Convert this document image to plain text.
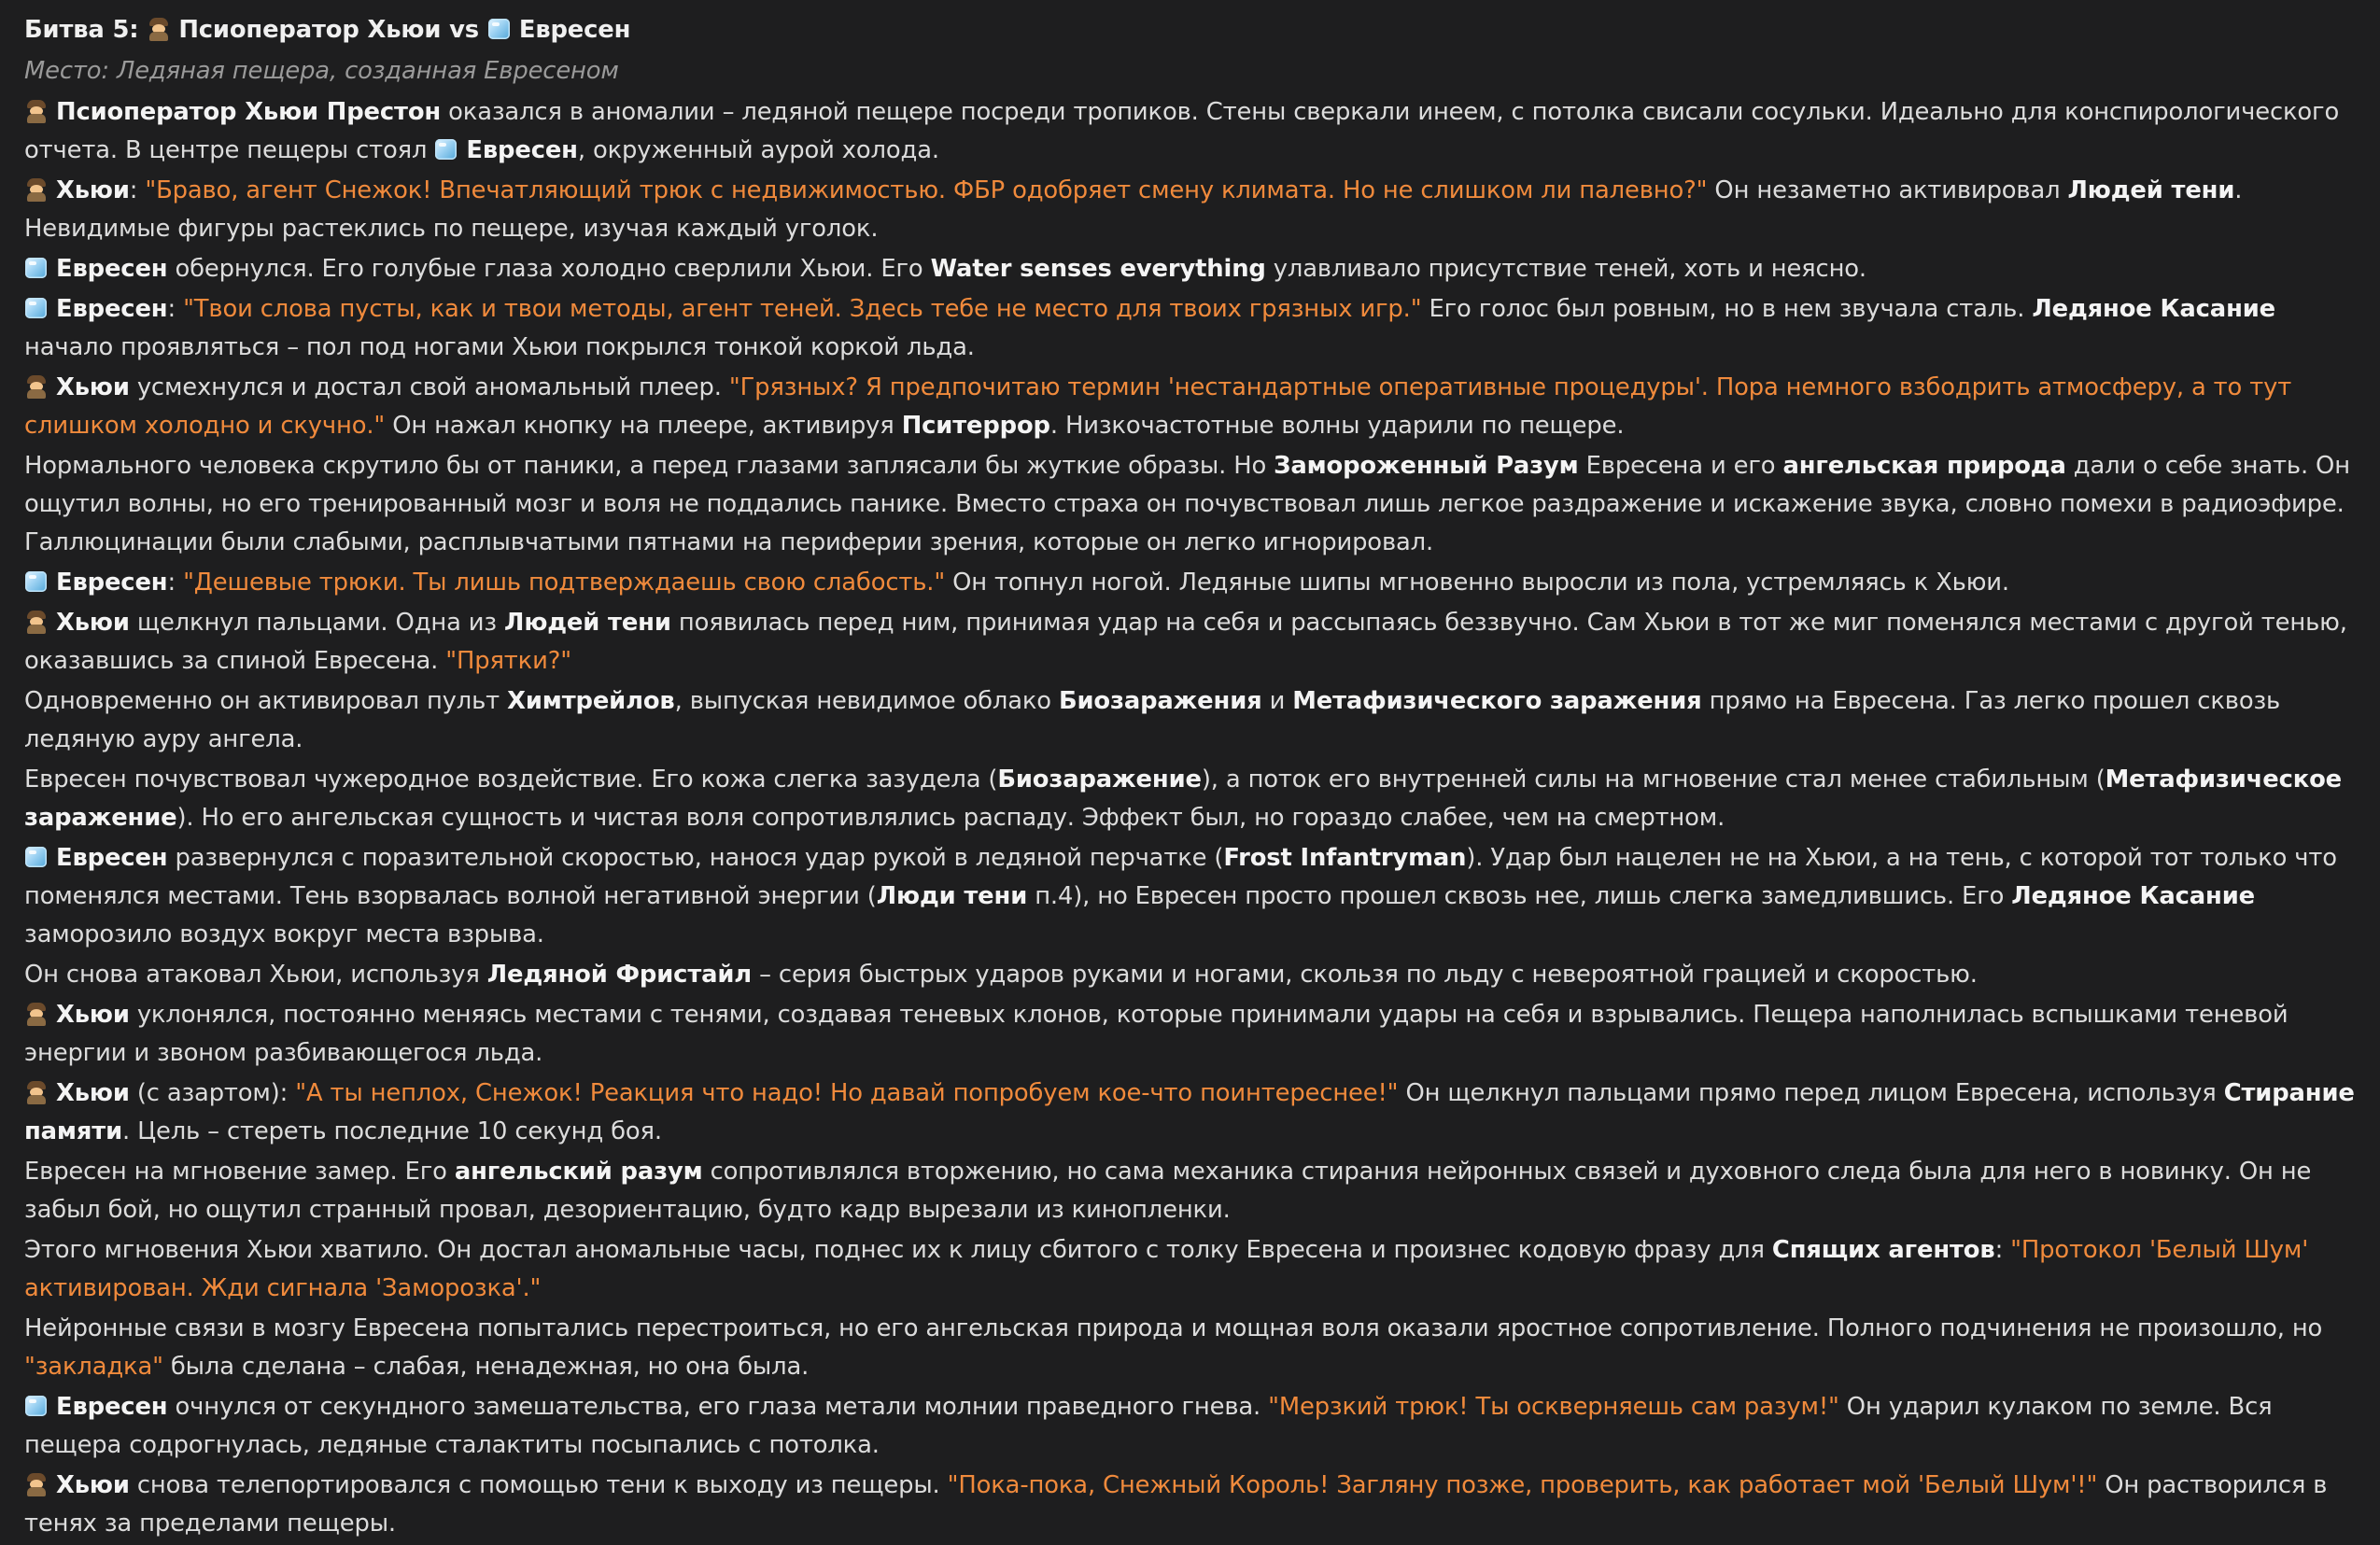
Битва 5: Псиоператор Хьюи vs Евресен
Место: Ледяная пещера, созданная Евресеном
Псиоператор Хьюи Престон оказался в аномалии – ледяной пещере посреди тропиков. Стены сверкали инеем, с потолка свисали сосульки. Идеально для конспирологического отчета. В центре пещеры стоял
Евресен, окруженный аурой холода.
Хьюи: "Браво, агент Снежок! Впечатляющий трюк с недвижимостью. ФБР одобряет смену климата. Но не слишком ли палевно?" Он незаметно активировал Людей тени. Невидимые фигуры растеклись по пещере, изучая каждый уголок.
Евресен обернулся. Его голубые глаза холодно сверлили Хьюи. Его Water senses everything улавливало присутствие теней, хоть и неясно.
Евресен: "Твои слова пусты, как и твои методы, агент теней. Здесь тебе не место для твоих грязных игр." Его голос был ровным, но в нем звучала сталь. Ледяное Касание начало проявляться – пол под ногами Хьюи покрылся тонкой коркой льда.
Хьюи усмехнулся и достал свой аномальный плеер. "Грязных? Я предпочитаю термин 'нестандартные оперативные процедуры'. Пора немного взбодрить атмосферу, а то тут слишком холодно и скучно." Он нажал кнопку на плеере, активируя Пситеррор. Низкочастотные волны ударили по пещере.
Нормального человека скрутило бы от паники, а перед глазами заплясали бы жуткие образы. Но Замороженный Разум Евресена и его ангельская природа дали о себе знать. Он ощутил волны, но его тренированный мозг и воля не поддались панике. Вместо страха он почувствовал лишь легкое раздражение и искажение звука, словно помехи в радиоэфире. Галлюцинации были слабыми, расплывчатыми пятнами на периферии зрения, которые он легко игнорировал.
Евресен: "Дешевые трюки. Ты лишь подтверждаешь свою слабость." Он топнул ногой. Ледяные шипы мгновенно выросли из пола, устремляясь к Хьюи.
Хьюи щелкнул пальцами. Одна из Людей тени появилась перед ним, принимая удар на себя и рассыпаясь беззвучно. Сам Хьюи в тот же миг поменялся местами с другой тенью, оказавшись за спиной Евресена. "Прятки?"
Одновременно он активировал пульт Химтрейлов, выпуская невидимое облако Биозаражения и Метафизического заражения прямо на Евресена. Газ легко прошел сквозь ледяную ауру ангела.
Евресен почувствовал чужеродное воздействие. Его кожа слегка зазудела (Биозаражение), а поток его внутренней силы на мгновение стал менее стабильным (Метафизическое заражение). Но его ангельская сущность и чистая воля сопротивлялись распаду. Эффект был, но гораздо слабее, чем на смертном.
Евресен развернулся с поразительной скоростью, нанося удар рукой в ледяной перчатке (Frost Infantryman). Удар был нацелен не на Хьюи, а на тень, с которой тот только что поменялся местами. Тень взорвалась волной негативной энергии (Люди тени п.4), но Евресен просто прошел сквозь нее, лишь слегка замедлившись. Его Ледяное Касание заморозило воздух вокруг места взрыва.
Он снова атаковал Хьюи, используя Ледяной Фристайл – серия быстрых ударов руками и ногами, скользя по льду с невероятной грацией и скоростью.
Хьюи уклонялся, постоянно меняясь местами с тенями, создавая теневых клонов, которые принимали удары на себя и взрывались. Пещера наполнилась вспышками теневой энергии и звоном разбивающегося льда.
Хьюи (с азартом): "А ты неплох, Снежок! Реакция что надо! Но давай попробуем кое-что поинтереснее!" Он щелкнул пальцами прямо перед лицом Евресена, используя Стирание памяти. Цель – стереть последние 10 секунд боя.
Евресен на мгновение замер. Его ангельский разум сопротивлялся вторжению, но сама механика стирания нейронных связей и духовного следа была для него в новинку. Он не забыл бой, но ощутил странный провал, дезориентацию, будто кадр вырезали из кинопленки.
Этого мгновения Хьюи хватило. Он достал аномальные часы, поднес их к лицу сбитого с толку Евресена и произнес кодовую фразу для Спящих агентов: "Протокол 'Белый Шум' активирован. Жди сигнала 'Заморозка'."
Нейронные связи в мозгу Евресена попытались перестроиться, но его ангельская природа и мощная воля оказали яростное сопротивление. Полного подчинения не произошло, но "закладка" была сделана – слабая, ненадежная, но она была.
Евресен очнулся от секундного замешательства, его глаза метали молнии праведного гнева. "Мерзкий трюк! Ты оскверняешь сам разум!" Он ударил кулаком по земле. Вся пещера содрогнулась, ледяные сталактиты посыпались с потолка.
Хьюи снова телепортировался с помощью тени к выходу из пещеры. "Пока-пока, Снежный Король! Загляну позже, проверить, как работает мой 'Белый Шум'!" Он растворился в тенях за пределами пещеры.
